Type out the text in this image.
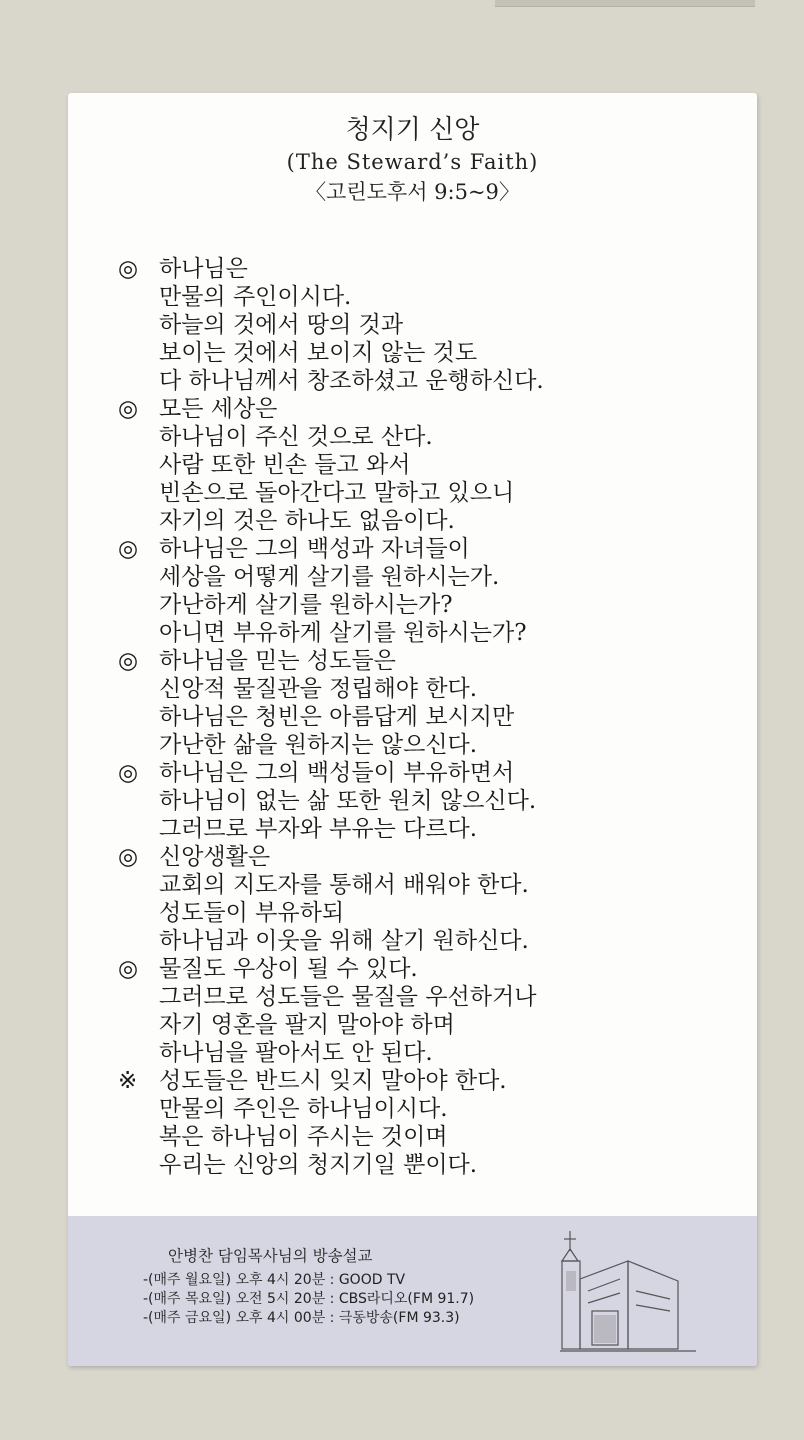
청지기 신앙
(The Steward’s Faith)
〈고린도후서 9:5~9〉
◎ 하나님은
만물의 주인이시다.
하늘의 것에서 땅의 것과
보이는 것에서 보이지 않는 것도
다 하나님께서 창조하셨고 운행하신다.
◎ 모든 세상은
하나님이 주신 것으로 산다.
사람 또한 빈손 들고 와서
빈손으로 돌아간다고 말하고 있으니
자기의 것은 하나도 없음이다.
◎ 하나님은 그의 백성과 자녀들이
세상을 어떻게 살기를 원하시는가.
가난하게 살기를 원하시는가?
아니면 부유하게 살기를 원하시는가?
◎ 하나님을 믿는 성도들은
신앙적 물질관을 정립해야 한다.
하나님은 청빈은 아름답게 보시지만
가난한 삶을 원하지는 않으신다.
◎ 하나님은 그의 백성들이 부유하면서
하나님이 없는 삶 또한 원치 않으신다.
그러므로 부자와 부유는 다르다.
◎ 신앙생활은
교회의 지도자를 통해서 배워야 한다.
성도들이 부유하되
하나님과 이웃을 위해 살기 원하신다.
◎ 물질도 우상이 될 수 있다.
그러므로 성도들은 물질을 우선하거나
자기 영혼을 팔지 말아야 하며
하나님을 팔아서도 안 된다.
※ 성도들은 반드시 잊지 말아야 한다.
만물의 주인은 하나님이시다.
복은 하나님이 주시는 것이며
우리는 신앙의 청지기일 뿐이다.
안병찬 담임목사님의 방송설교
-(매주 월요일) 오후 4시 20분 : GOOD TV
-(매주 목요일) 오전 5시 20분 : CBS라디오(FM 91.7)
-(매주 금요일) 오후 4시 00분 : 극동방송(FM 93.3)
